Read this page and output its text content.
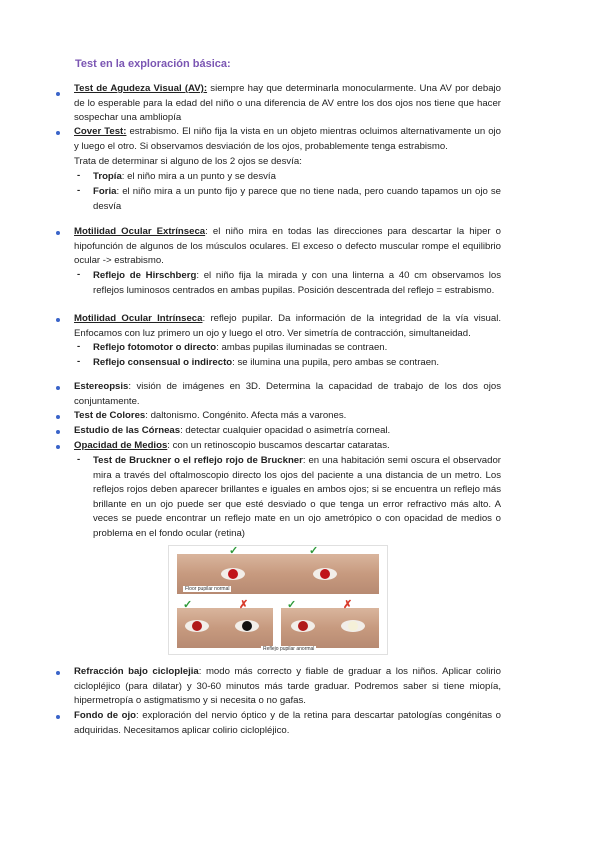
Test en la exploración básica:
Test de Agudeza Visual (AV): siempre hay que determinarla monocularmente. Una AV por debajo de lo esperable para la edad del niño o una diferencia de AV entre los dos ojos nos tiene que hacer sospechar una ambliopía
Cover Test: estrabismo. El niño fija la vista en un objeto mientras ocluimos alternativamente un ojo y luego el otro. Si observamos desviación de los ojos, probablemente tenga estrabismo.
Trata de determinar si alguno de los 2 ojos se desvía:
- Tropía: el niño mira a un punto y se desvía
- Foria: el niño mira a un punto fijo y parece que no tiene nada, pero cuando tapamos un ojo se desvía
Motilidad Ocular Extrínseca: el niño mira en todas las direcciones para descartar la hiper o hipofunción de algunos de los músculos oculares. El exceso o defecto muscular rompe el equilibrio ocular -> estrabismo.
- Reflejo de Hirschberg: el niño fija la mirada y con una linterna a 40 cm observamos los reflejos luminosos centrados en ambas pupilas. Posición descentrada del reflejo = estrabismo.
Motilidad Ocular Intrínseca: reflejo pupilar. Da información de la integridad de la vía visual. Enfocamos con luz primero un ojo y luego el otro. Ver simetría de contracción, simultaneidad.
- Reflejo fotomotor o directo: ambas pupilas iluminadas se contraen.
- Reflejo consensual o indirecto: se ilumina una pupila, pero ambas se contraen.
Estereopsis: visión de imágenes en 3D. Determina la capacidad de trabajo de los dos ojos conjuntamente.
Test de Colores: daltonismo. Congénito. Afecta más a varones.
Estudio de las Córneas: detectar cualquier opacidad o asimetría corneal.
Opacidad de Medios: con un retinoscopio buscamos descartar cataratas.
- Test de Bruckner o el reflejo rojo de Bruckner: en una habitación semi oscura el observador mira a través del oftalmoscopio directo los ojos del paciente a una distancia de un metro. Los reflejos rojos deben aparecer brillantes e iguales en ambos ojos; si se encuentra un reflejo más brillante en un ojo puede ser que esté desviado o que tenga un error refractivo más alto. A veces se puede encontrar un reflejo mate en un ojo ametrópico o con opacidad de medios o problema en el fondo ocular (retina)
✓	✓
Floor pupilar normal
✓	✗	✓	✗
Reflejo pupilar anormal
Refracción bajo cicloplejia: modo más correcto y fiable de graduar a los niños. Aplicar colirio ciclopléjico (para dilatar) y 30-60 minutos más tarde graduar. Podremos saber si tiene miopía, hipermetropía o astigmatismo y si necesita o no gafas.
Fondo de ojo: exploración del nervio óptico y de la retina para descartar patologías congénitas o adquiridas. Necesitamos aplicar colirio ciclopléjico.
